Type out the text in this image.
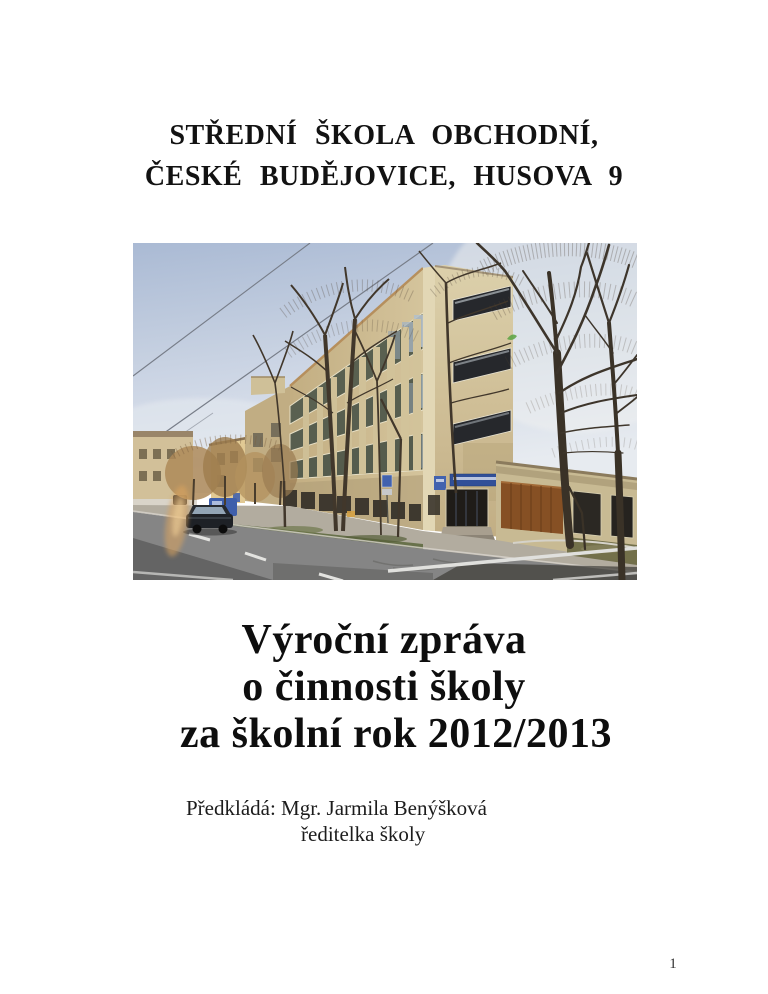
STŘEDNÍ ŠKOLA OBCHODNÍ,
ČESKÉ BUDĚJOVICE, HUSOVA 9
Výroční zpráva
o činnosti školy
za školní rok 2012/2013
Předkládá: Mgr. Jarmila Benýšková
ředitelka školy
1
